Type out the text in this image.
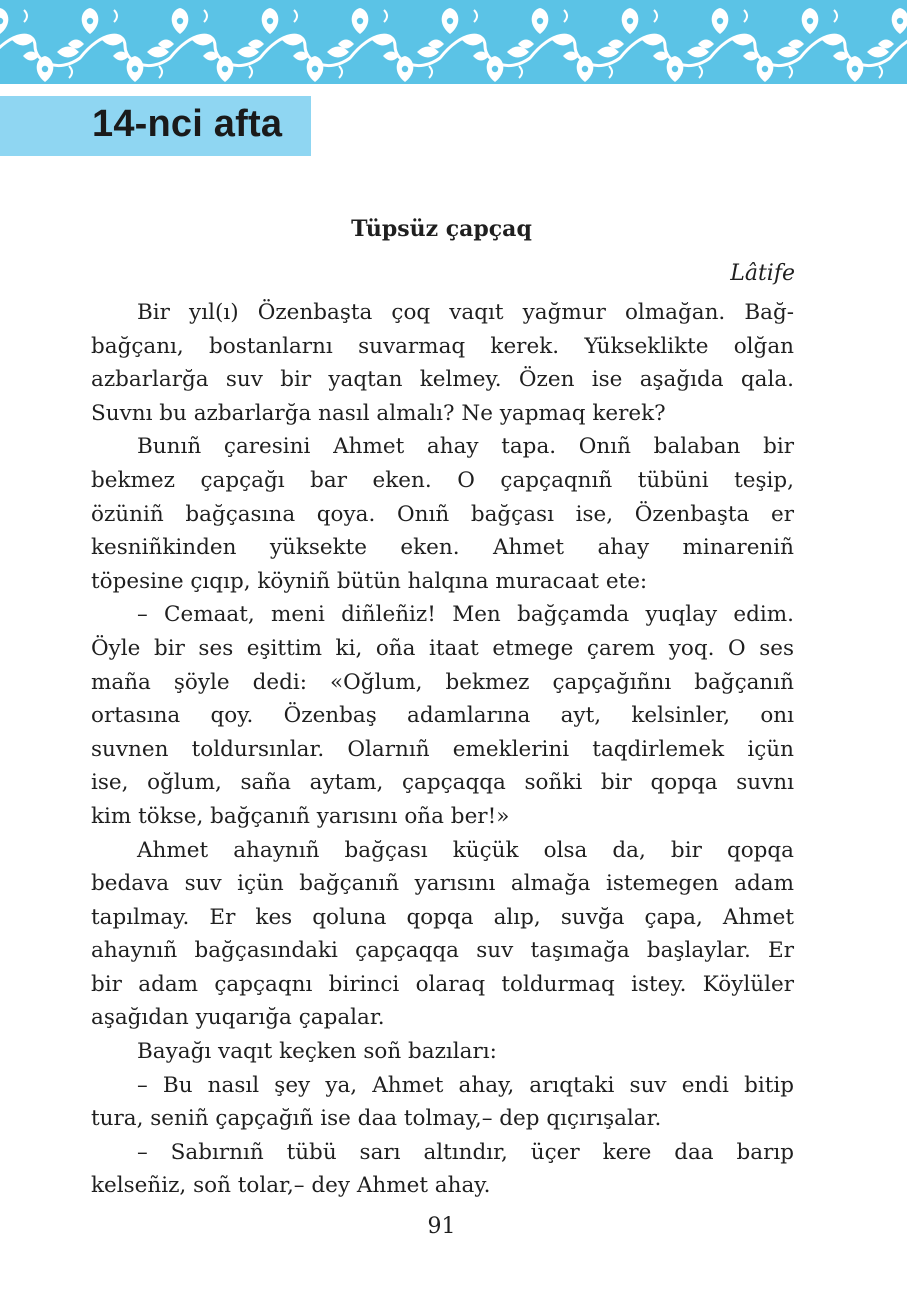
14-nci afta
Tüpsüz çapçaq
Lâtife
Bir yıl(ı) Özenbaşta çoq vaqıt yağmur olmağan. Bağ-
bağçanı, bostanlarnı suvarmaq kerek. Yükseklikte olğan
azbarlarğa suv bir yaqtan kelmey. Özen ise aşağıda qala.
Suvnı bu azbarlarğa nasıl almalı? Ne yapmaq kerek?
Bunıñ çaresini Ahmet ahay tapa. Onıñ balaban bir
bekmez çapçağı bar eken. O çapçaqnıñ tübüni teşip,
özüniñ bağçasına qoya. Onıñ bağçası ise, Özenbaşta er
kesniñkinden yüksekte eken. Ahmet ahay minareniñ
töpesine çıqıp, köyniñ bütün halqına muracaat ete:
– Cemaat, meni diñleñiz! Men bağçamda yuqlay edim.
Öyle bir ses eşittim ki, oña itaat etmege çarem yoq. O ses
maña şöyle dedi: «Oğlum, bekmez çapçağıñnı bağçanıñ
ortasına qoy. Özenbaş adamlarına ayt, kelsinler, onı
suvnen toldursınlar. Olarnıñ emeklerini taqdirlemek içün
ise, oğlum, saña aytam, çapçaqqa soñki bir qopqa suvnı
kim tökse, bağçanıñ yarısını oña ber!»
Ahmet ahaynıñ bağçası küçük olsa da, bir qopqa
bedava suv içün bağçanıñ yarısını almağa istemegen adam
tapılmay. Er kes qoluna qopqa alıp, suvğa çapa, Ahmet
ahaynıñ bağçasındaki çapçaqqa suv taşımağa başlaylar. Er
bir adam çapçaqnı birinci olaraq toldurmaq istey. Köylüler
aşağıdan yuqarığa çapalar.
Bayağı vaqıt keçken soñ bazıları:
– Bu nasıl şey ya, Ahmet ahay, arıqtaki suv endi bitip
tura, seniñ çapçağıñ ise daa tolmay,– dep qıçırışalar.
– Sabırnıñ tübü sarı altındır, üçer kere daa barıp
kelseñiz, soñ tolar,– dey Ahmet ahay.
91
